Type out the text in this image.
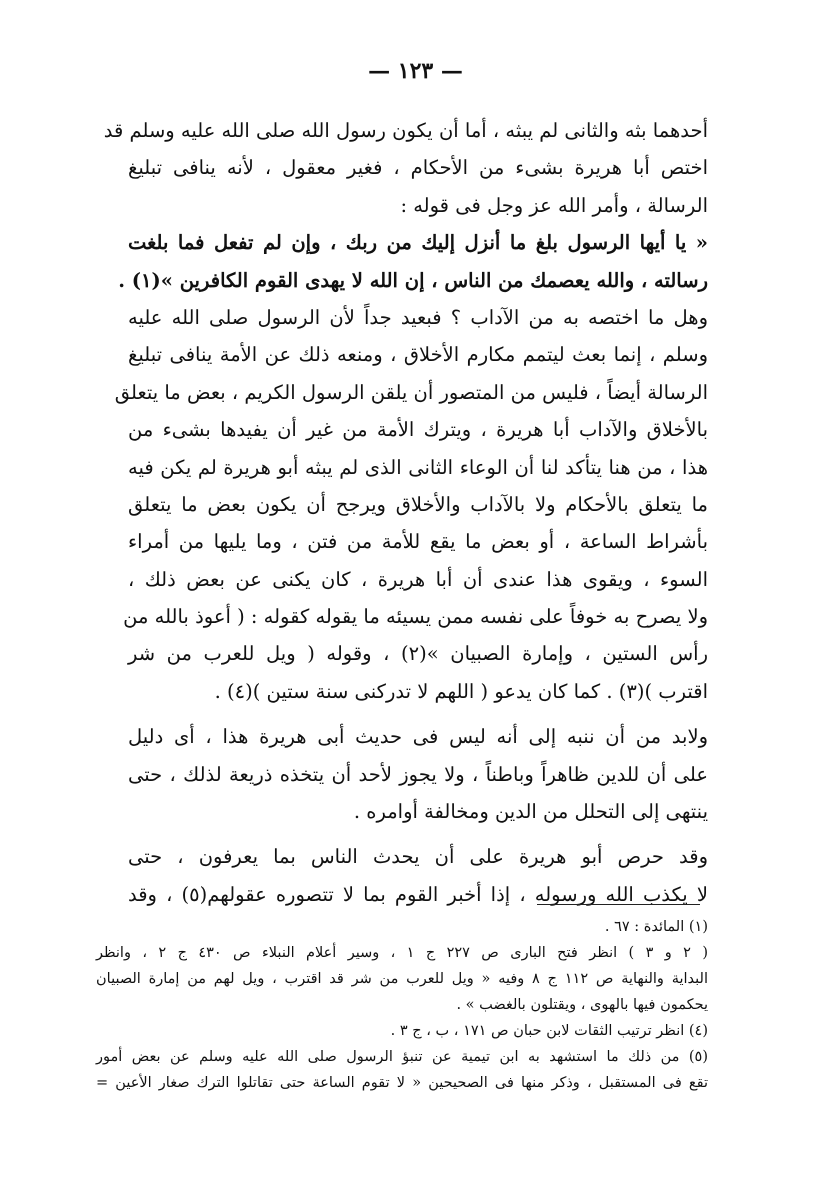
— ١٢٣ —
أحدهما بثه والثانى لم يبثه ، أما أن يكون رسول الله صلى الله عليه وسلم قد
اختص أبا هريرة بشىء من الأحكام ، فغير معقول ، لأنه ينافى تبليغ
الرسالة ، وأمر الله عز وجل فى قوله :
« يا أيها الرسول بلغ ما أنزل إليك من ربك ، وإن لم تفعل فما بلغت
رسالته ، والله يعصمك من الناس ، إن الله لا يهدى القوم الكافرين »(١) .
وهل ما اختصه به من الآداب ؟ فبعيد جداً لأن الرسول صلى الله عليه
وسلم ، إنما بعث ليتمم مكارم الأخلاق ، ومنعه ذلك عن الأمة ينافى تبليغ
الرسالة أيضاً ، فليس من المتصور أن يلقن الرسول الكريم ، بعض ما يتعلق
بالأخلاق والآداب أبا هريرة ، ويترك الأمة من غير أن يفيدها بشىء من
هذا ، من هنا يتأكد لنا أن الوعاء الثانى الذى لم يبثه أبو هريرة لم يكن فيه
ما يتعلق بالأحكام ولا بالآداب والأخلاق ويرجح أن يكون بعض ما يتعلق
بأشراط الساعة ، أو بعض ما يقع للأمة من فتن ، وما يليها من أمراء
السوء ، ويقوى هذا عندى أن أبا هريرة ، كان يكنى عن بعض ذلك ،
ولا يصرح به خوفاً على نفسه ممن يسيئه ما يقوله كقوله : ( أعوذ بالله من
رأس الستين ، وإمارة الصبيان »(٢) ، وقوله ( ويل للعرب من شر
اقترب )(٣) . كما كان يدعو ( اللهم لا تدركنى سنة ستين )(٤) .
ولابد من أن ننبه إلى أنه ليس فى حديث أبى هريرة هذا ، أى دليل
على أن للدين ظاهراً وباطناً ، ولا يجوز لأحد أن يتخذه ذريعة لذلك ، حتى
ينتهى إلى التحلل من الدين ومخالفة أوامره .
وقد حرص أبو هريرة على أن يحدث الناس بما يعرفون ، حتى
لا يكذب الله ورسوله ، إذا أخبر القوم بما لا تتصوره عقولهم(٥) ، وقد
(١) المائدة : ٦٧ .
( ٢ و ٣ ) انظر فتح البارى ص ٢٢٧ ج ١ ، وسير أعلام النبلاء ص ٤٣٠ ج ٢ ، وانظر
البداية والنهاية ص ١١٢ ج ٨ وفيه « ويل للعرب من شر قد اقترب ، ويل لهم من إمارة الصبيان
يحكمون فيها بالهوى ، ويقتلون بالغضب » .
(٤) انظر ترتيب الثقات لابن حبان ص ١٧١ ، ب ، ج ٣ .
(٥) من ذلك ما استشهد به ابن تيمية عن تنبؤ الرسول صلى الله عليه وسلم عن بعض أمور
تقع فى المستقبل ، وذكر منها فى الصحيحين « لا تقوم الساعة حتى تقاتلوا الترك صغار الأعين =
